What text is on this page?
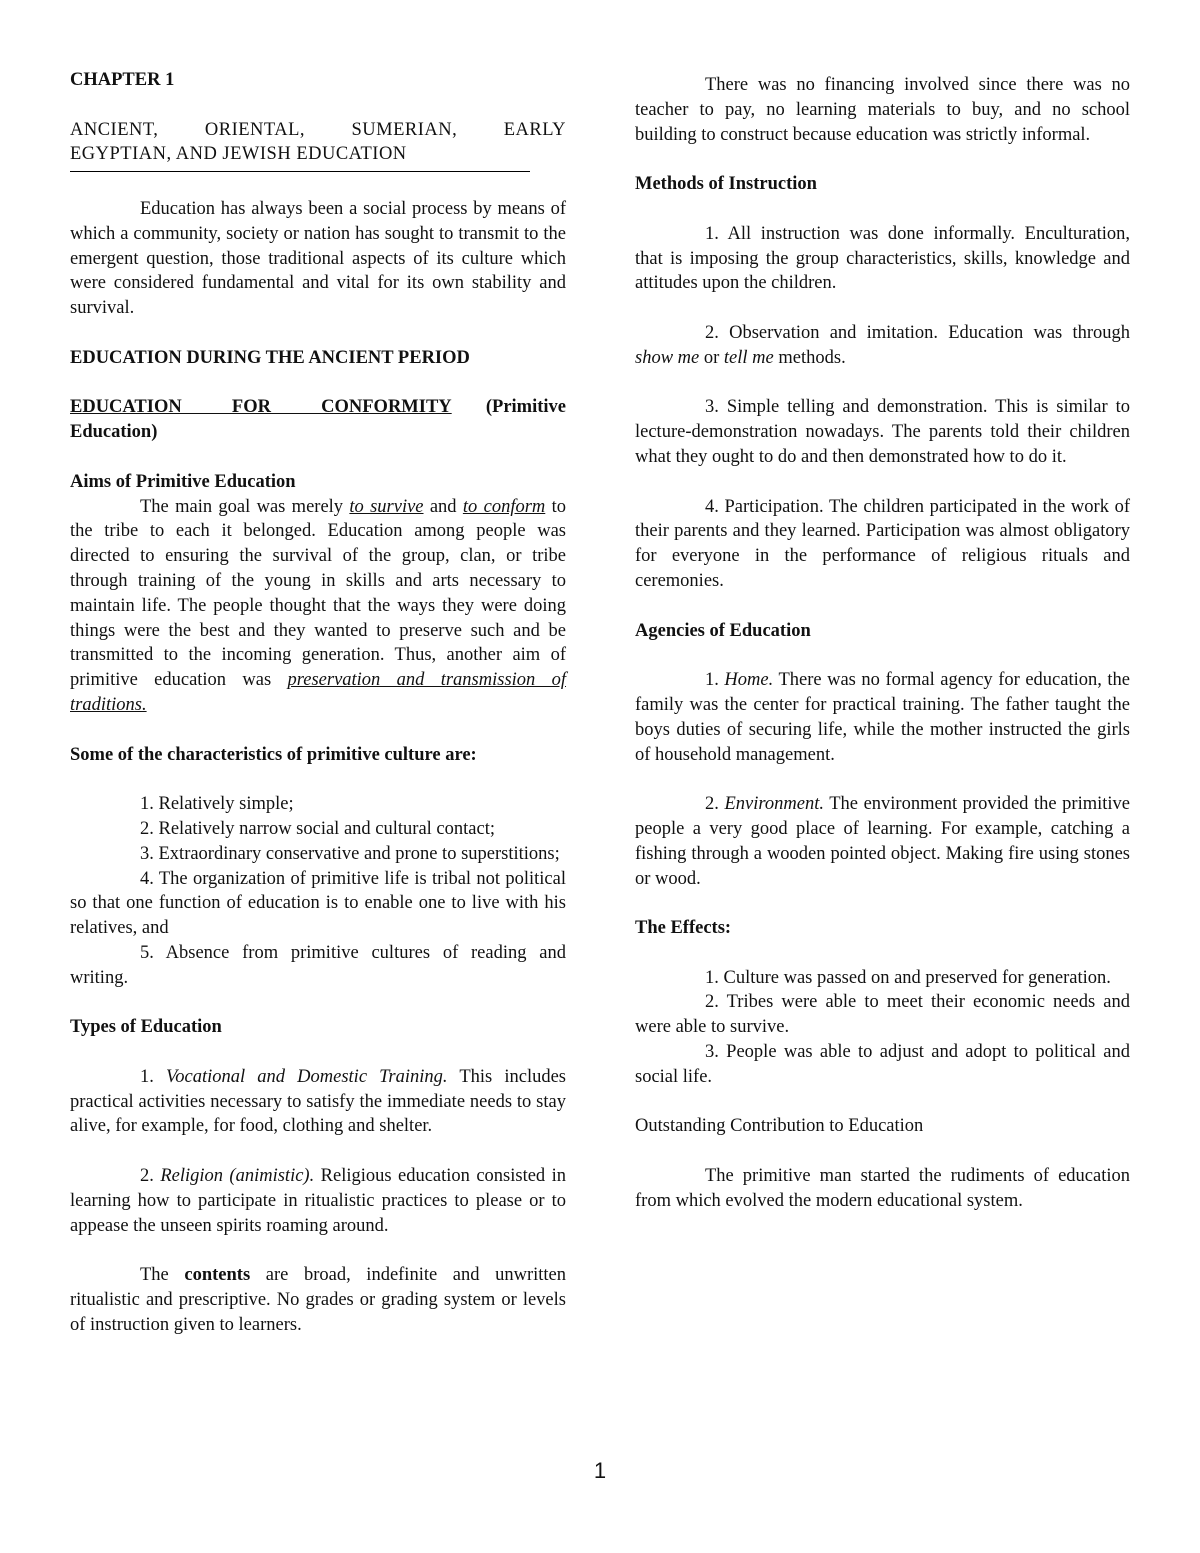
CHAPTER 1

ANCIENT,	ORIENTAL,	SUMERIAN,	EARLY

EGYPTIAN, AND JEWISH EDUCATION

Education has always been a social process by means of which a community, society or nation has sought to transmit to the emergent question, those traditional aspects of its culture which were considered fundamental and vital for its own stability and survival.

EDUCATION DURING THE ANCIENT PERIOD

EDUCATION FOR CONFORMITY (Primitive Education)

Aims of Primitive Education

The main goal was merely to survive and to conform to the tribe to each it belonged. Education among people was directed to ensuring the survival of the group, clan, or tribe through training of the young in skills and arts necessary to maintain life. The people thought that the ways they were doing things were the best and they wanted to preserve such and be transmitted to the incoming generation. Thus, another aim of primitive education was preservation and transmission of traditions.

Some of the characteristics of primitive culture are:

1. Relatively simple;

2. Relatively narrow social and cultural contact;

3. Extraordinary conservative and prone to superstitions;

4. The organization of primitive life is tribal not political so that one function of education is to enable one to live with his relatives, and

5. Absence from primitive cultures of reading and writing.

Types of Education

1. Vocational and Domestic Training. This includes practical activities necessary to satisfy the immediate needs to stay alive, for example, for food, clothing and shelter.

2. Religion (animistic). Religious education consisted in learning how to participate in ritualistic practices to please or to appease the unseen spirits roaming around.

The contents are broad, indefinite and unwritten ritualistic and prescriptive. No grades or grading system or levels of instruction given to learners.

There was no financing involved since there was no teacher to pay, no learning materials to buy, and no school building to construct because education was strictly informal.

Methods of Instruction

1. All instruction was done informally. Enculturation, that is imposing the group characteristics, skills, knowledge and attitudes upon the children.

2. Observation and imitation. Education was through show me or tell me methods.

3. Simple telling and demonstration. This is similar to lecture-demonstration nowadays. The parents told their children what they ought to do and then demonstrated how to do it.

4. Participation. The children participated in the work of their parents and they learned. Participation was almost obligatory for everyone in the performance of religious rituals and ceremonies.

Agencies of Education

1. Home. There was no formal agency for education, the family was the center for practical training. The father taught the boys duties of securing life, while the mother instructed the girls of household management.

2. Environment. The environment provided the primitive people a very good place of learning. For example, catching a fishing through a wooden pointed object. Making fire using stones or wood.

The Effects:

1. Culture was passed on and preserved for generation.

2. Tribes were able to meet their economic needs and were able to survive.

3. People was able to adjust and adopt to political and social life.

Outstanding Contribution to Education

The primitive man started the rudiments of education from which evolved the modern educational system.

1
